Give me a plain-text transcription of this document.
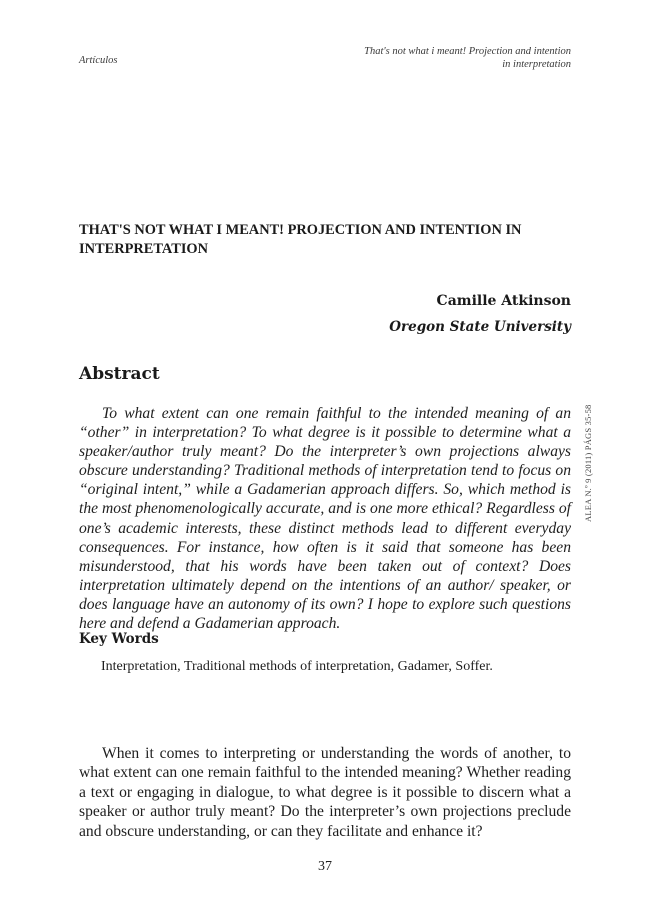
Artículos
That's not what i meant! Projection and intention
in interpretation
THAT'S NOT WHAT I MEANT! PROJECTION AND INTENTION IN
INTERPRETATION
Camille Atkinson
Oregon State University
Abstract

To what extent can one remain faithful to the intended meaning of an “other” in interpretation? To what degree is it possible to determine what a speaker/author truly meant? Do the interpreter’s own projections always obscure understanding? Traditional methods of interpretation tend to focus on “original intent,” while a Gadamerian approach differs. So, which method is the most phenomenologically accurate, and is one more ethical? Regardless of one’s academic interests, these distinct methods lead to different everyday consequences. For instance, how often is it said that someone has been misunderstood, that his words have been taken out of context? Does interpretation ultimately depend on the intentions of an author/ speaker, or does language have an autonomy of its own? I hope to explore such questions here and defend a Gadamerian approach.

Key Words
Interpretation, Traditional methods of interpretation, Gadamer, Soffer.

When it comes to interpreting or understanding the words of another, to what extent can one remain faithful to the intended meaning? Whether reading a text or engaging in dialogue, to what degree is it possible to discern what a speaker or author truly meant? Do the interpreter’s own projections preclude and obscure understanding, or can they facilitate and enhance it?

37
ALEA N.º 9 (2011) PÁGS 35-58
